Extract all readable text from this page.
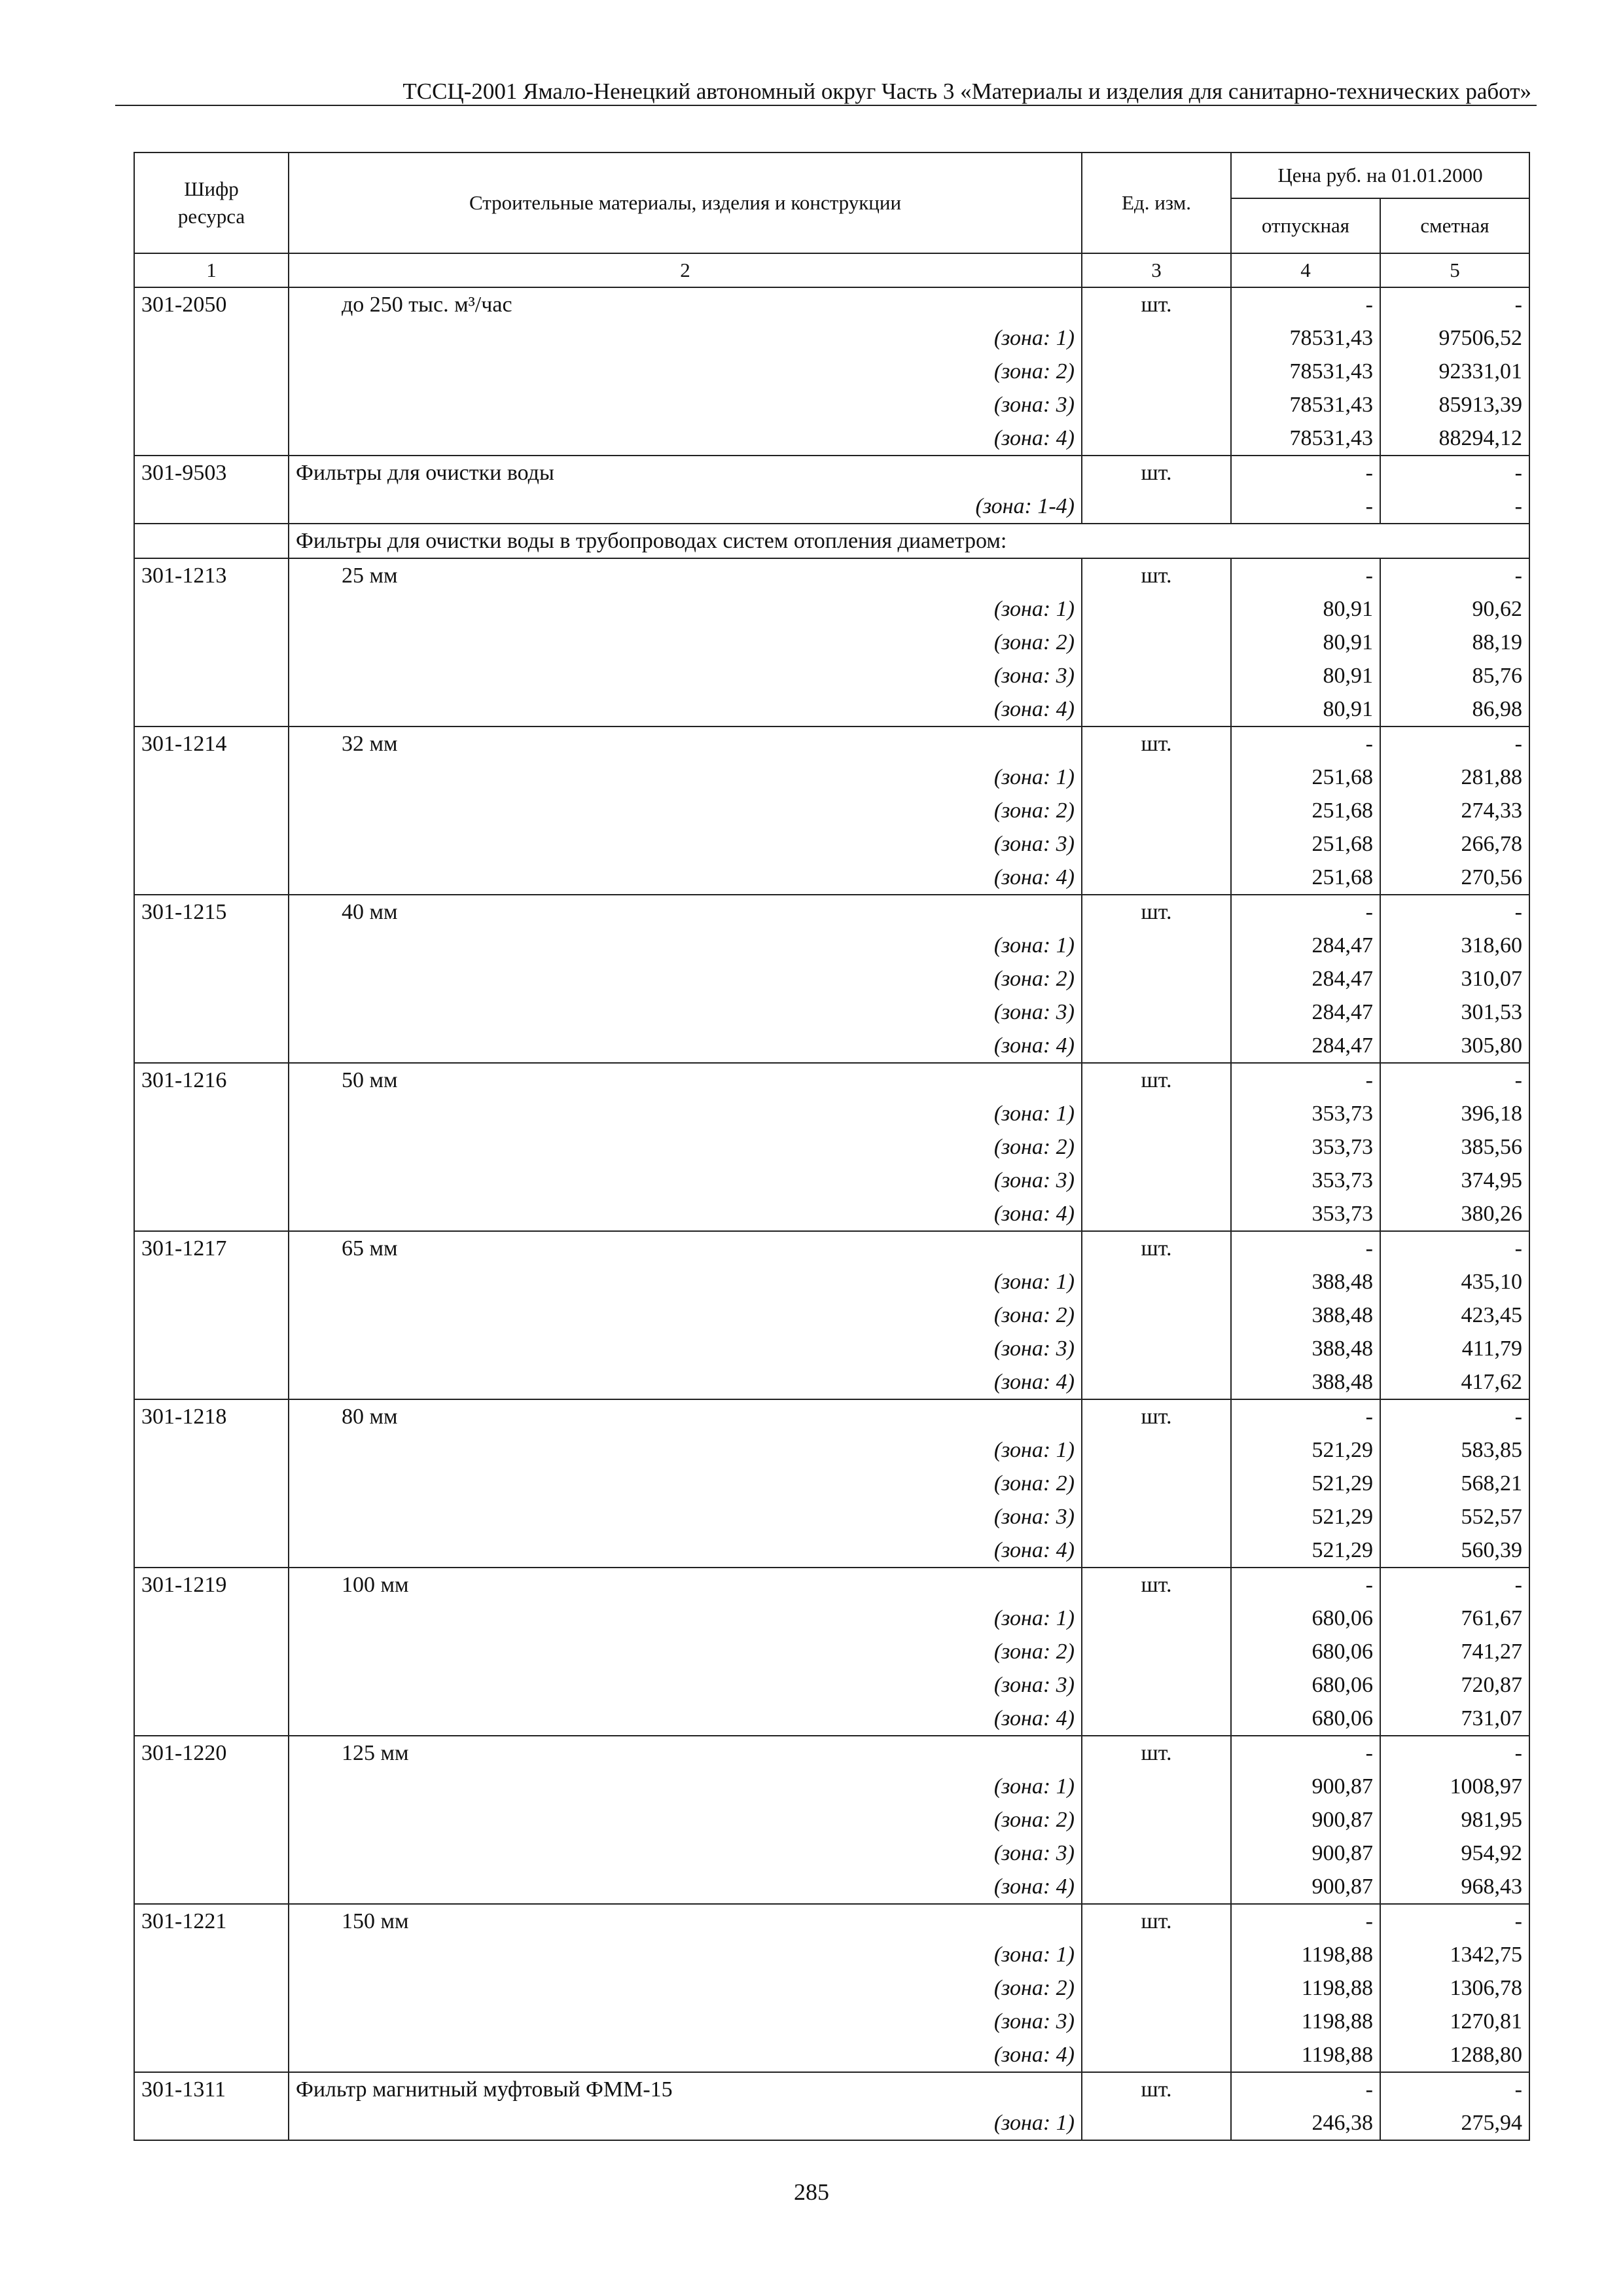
ТССЦ-2001 Ямало-Ненецкий автономный округ Часть 3 «Материалы и изделия для санитарно-технических работ»
Шифр ресурса	Строительные материалы, изделия и конструкции	Ед. изм.	Цена руб. на 01.01.2000	
			отпускная	сметная
1	2	3	4	5
301-2050	до 250 тыс. м³/час	шт.	-	-
	(зона: 1)		78531,43	97506,52
	(зона: 2)		78531,43	92331,01
	(зона: 3)		78531,43	85913,39
	(зона: 4)		78531,43	88294,12
301-9503	Фильтры для очистки воды	шт.	-	-
	(зона: 1-4)		-	-
	Фильтры для очистки воды в трубопроводах систем отопления диаметром:			
301-1213	25 мм	шт.	-	-
	(зона: 1)		80,91	90,62
	(зона: 2)		80,91	88,19
	(зона: 3)		80,91	85,76
	(зона: 4)		80,91	86,98
301-1214	32 мм	шт.	-	-
	(зона: 1)		251,68	281,88
	(зона: 2)		251,68	274,33
	(зона: 3)		251,68	266,78
	(зона: 4)		251,68	270,56
301-1215	40 мм	шт.	-	-
	(зона: 1)		284,47	318,60
	(зона: 2)		284,47	310,07
	(зона: 3)		284,47	301,53
	(зона: 4)		284,47	305,80
301-1216	50 мм	шт.	-	-
	(зона: 1)		353,73	396,18
	(зона: 2)		353,73	385,56
	(зона: 3)		353,73	374,95
	(зона: 4)		353,73	380,26
301-1217	65 мм	шт.	-	-
	(зона: 1)		388,48	435,10
	(зона: 2)		388,48	423,45
	(зона: 3)		388,48	411,79
	(зона: 4)		388,48	417,62
301-1218	80 мм	шт.	-	-
	(зона: 1)		521,29	583,85
	(зона: 2)		521,29	568,21
	(зона: 3)		521,29	552,57
	(зона: 4)		521,29	560,39
301-1219	100 мм	шт.	-	-
	(зона: 1)		680,06	761,67
	(зона: 2)		680,06	741,27
	(зона: 3)		680,06	720,87
	(зона: 4)		680,06	731,07
301-1220	125 мм	шт.	-	-
	(зона: 1)		900,87	1008,97
	(зона: 2)		900,87	981,95
	(зона: 3)		900,87	954,92
	(зона: 4)		900,87	968,43
301-1221	150 мм	шт.	-	-
	(зона: 1)		1198,88	1342,75
	(зона: 2)		1198,88	1306,78
	(зона: 3)		1198,88	1270,81
	(зона: 4)		1198,88	1288,80
301-1311	Фильтр магнитный муфтовый ФММ-15	шт.	-	-
	(зона: 1)		246,38	275,94
285
